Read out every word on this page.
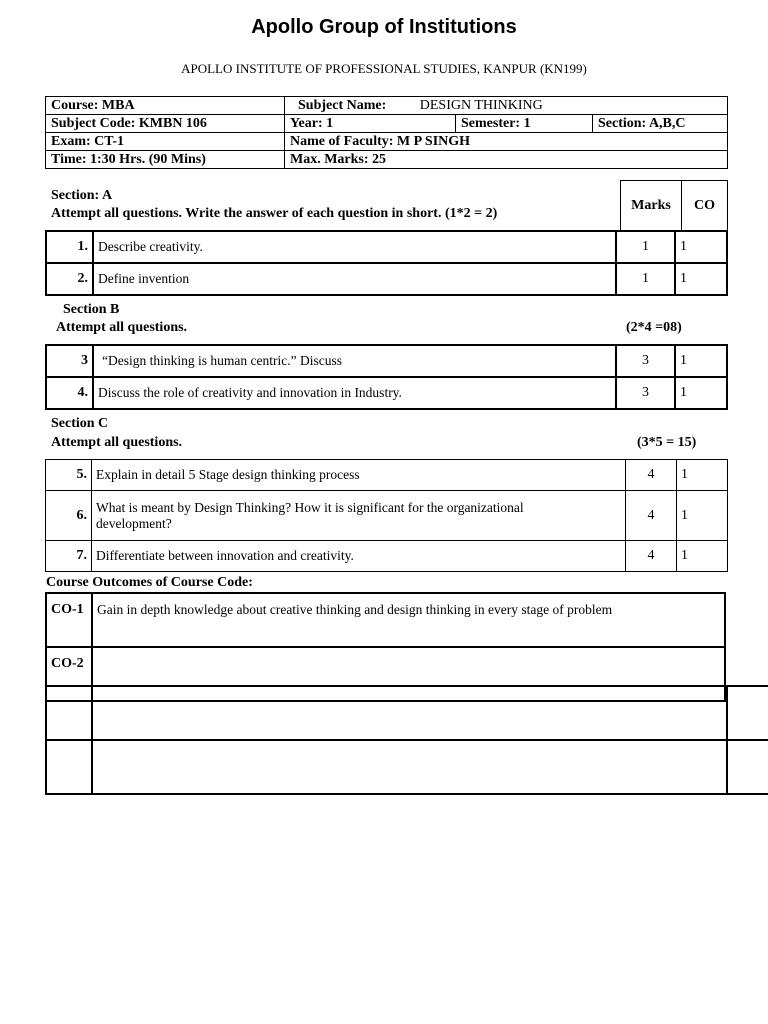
Apollo Group of Institutions
APOLLO INSTITUTE OF PROFESSIONAL STUDIES, KANPUR (KN199)
Course: MBA	Subject Name: DESIGN THINKING		
Subject Code: KMBN 106	Year: 1	Semester: 1	Section: A,B,C
Exam: CT-1	Name of Faculty: M P SINGH		
Time: 1:30 Hrs. (90 Mins)	Max. Marks: 25		
Section: A
Attempt all questions. Write the answer of each question in short. (1*2 = 2)
Marks	CO
1.	Describe creativity.	1	1
2.	Define invention	1	1
Section B
Attempt all questions.	(2*4 =08)
3	“Design thinking is human centric.” Discuss	3	1
4.	Discuss the role of creativity and innovation in Industry.	3	1
Section C
Attempt all questions.	(3*5 = 15)
5.	Explain in detail 5 Stage design thinking process	4	1
6.	What is meant by Design Thinking? How it is significant for the organizational development?	4	1
7.	Differentiate between innovation and creativity.	4	1
Course Outcomes of Course Code:
CO-1	Gain in depth knowledge about creative thinking and design thinking in every stage of problem
CO-2	
